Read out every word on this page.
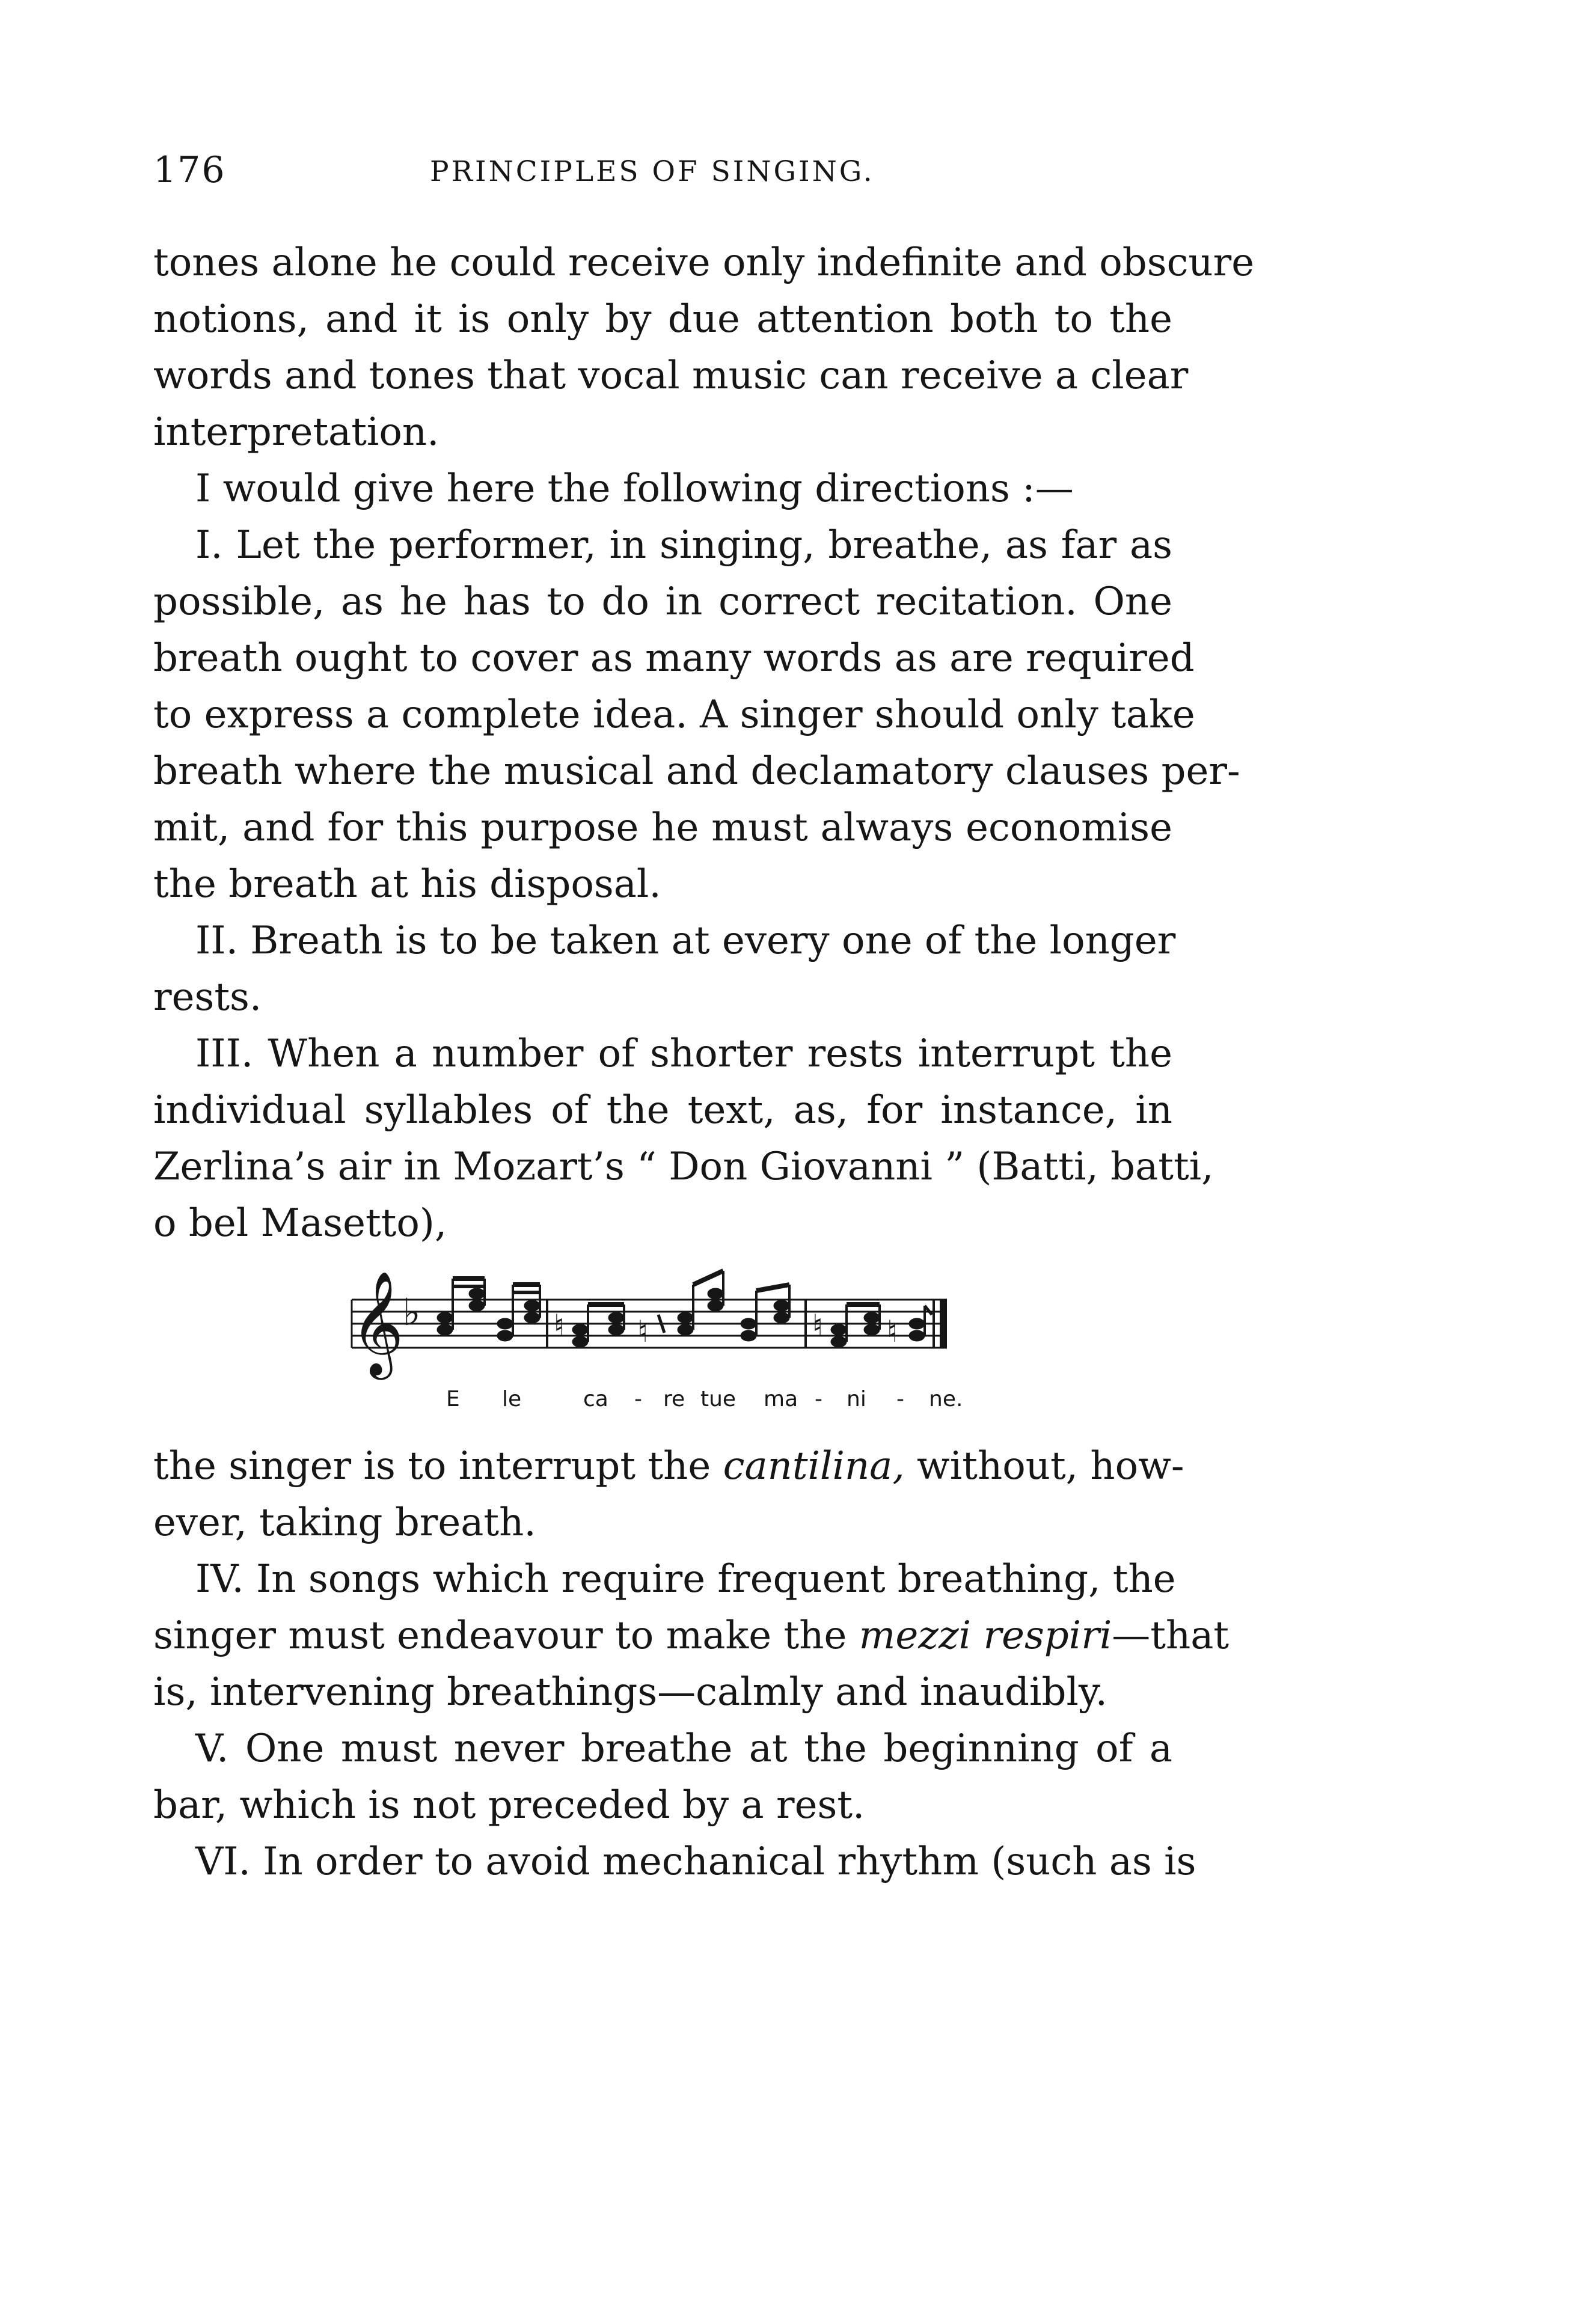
176	PRINCIPLES OF SINGING.
tones alone he could receive only indefinite and obscure
notions, and it is only by due attention both to the
words and tones that vocal music can receive a clear
interpretation.
I would give here the following directions :—
I. Let the performer, in singing, breathe, as far as
possible, as he has to do in correct recitation. One
breath ought to cover as many words as are required
to express a complete idea. A singer should only take
breath where the musical and declamatory clauses per-
mit, and for this purpose he must always economise
the breath at his disposal.
II. Breath is to be taken at every one of the longer
rests.
III. When a number of shorter rests interrupt the
individual syllables of the text, as, for instance, in
Zerlina’s air in Mozart’s “ Don Giovanni ” (Batti, batti,
o bel Masetto),
𝄞
♭	♮ ♮	♮ ♮
E le	ca - re tue ma - ni - ne.
the singer is to interrupt the cantilina, without, how-
ever, taking breath.
IV. In songs which require frequent breathing, the
singer must endeavour to make the mezzi respiri—that
is, intervening breathings—calmly and inaudibly.
V. One must never breathe at the beginning of a
bar, which is not preceded by a rest.
VI. In order to avoid mechanical rhythm (such as is
